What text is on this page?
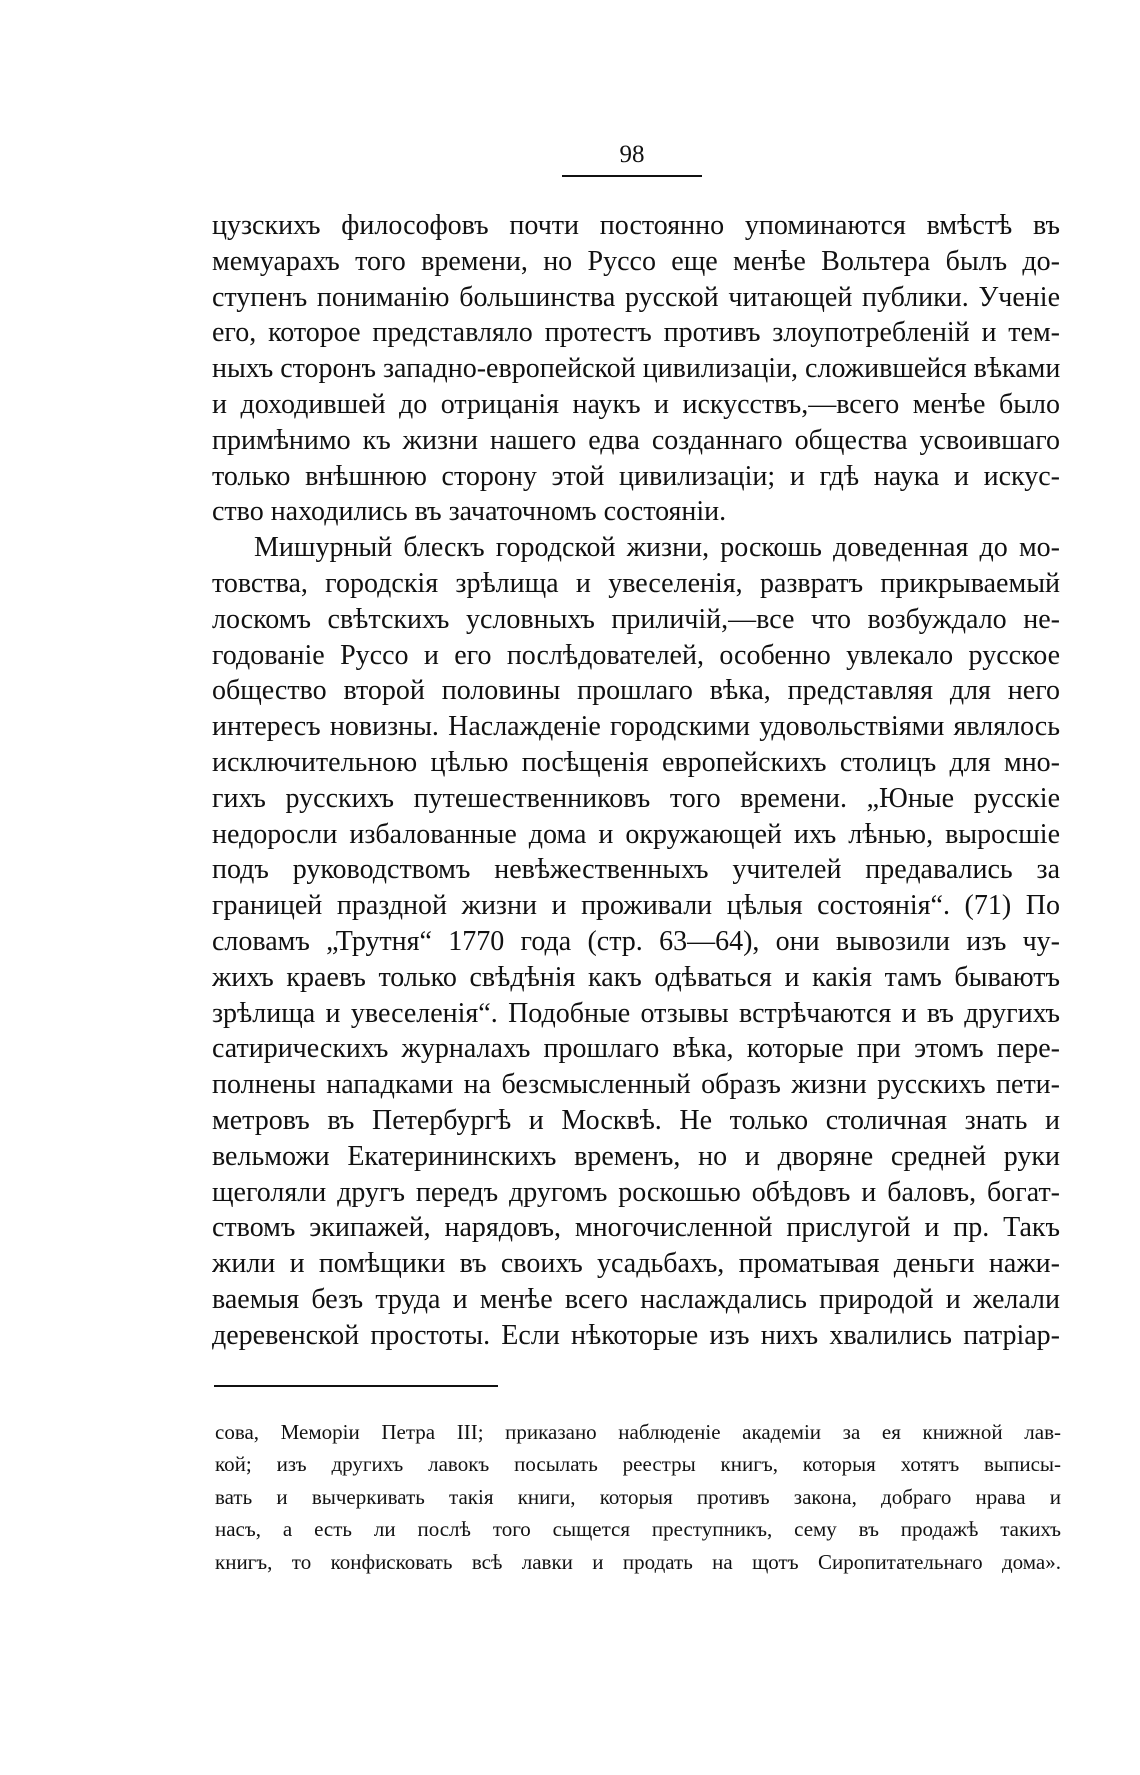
98
цузскихъ философовъ почти постоянно упоминаются вмѣстѣ въ
мемуарахъ того времени, но Руссо еще менѣе Вольтера былъ до-
ступенъ пониманію большинства русской читающей публики. Ученіе
его, которое представляло протестъ противъ злоупотребленій и тем-
ныхъ сторонъ западно-европейской цивилизаціи, сложившейся вѣками
и доходившей до отрицанія наукъ и искусствъ,—всего менѣе было
примѣнимо къ жизни нашего едва созданнаго общества усвоившаго
только внѣшнюю сторону этой цивилизаціи; и гдѣ наука и искус-
ство находились въ зачаточномъ состояніи.
Мишурный блескъ городской жизни, роскошь доведенная до мо-
товства, городскія зрѣлища и увеселенія, развратъ прикрываемый
лоскомъ свѣтскихъ условныхъ приличій,—все что возбуждало не-
годованіе Руссо и его послѣдователей, особенно увлекало русское
общество второй половины прошлаго вѣка, представляя для него
интересъ новизны. Наслажденіе городскими удовольствіями являлось
исключительною цѣлью посѣщенія европейскихъ столицъ для мно-
гихъ русскихъ путешественниковъ того времени. „Юные русскіе
недоросли избалованные дома и окружающей ихъ лѣнью, выросшіе
подъ руководствомъ невѣжественныхъ учителей предавались за
границей праздной жизни и проживали цѣлыя состоянія“. (71) По
словамъ „Трутня“ 1770 года (стр. 63—64), они вывозили изъ чу-
жихъ краевъ только свѣдѣнія какъ одѣваться и какія тамъ бываютъ
зрѣлища и увеселенія“. Подобные отзывы встрѣчаются и въ другихъ
сатирическихъ журналахъ прошлаго вѣка, которые при этомъ пере-
полнены нападками на безсмысленный образъ жизни русскихъ пети-
метровъ въ Петербургѣ и Москвѣ. Не только столичная знать и
вельможи Екатерининскихъ временъ, но и дворяне средней руки
щеголяли другъ передъ другомъ роскошью обѣдовъ и баловъ, богат-
ствомъ экипажей, нарядовъ, многочисленной прислугой и пр. Такъ
жили и помѣщики въ своихъ усадьбахъ, проматывая деньги нажи-
ваемыя безъ труда и менѣе всего наслаждались природой и желали
деревенской простоты. Если нѣкоторые изъ нихъ хвалились патріар-
сова, Меморіи Петра III; приказано наблюденіе академіи за ея книжной лав-
кой; изъ другихъ лавокъ посылать реестры книгъ, которыя хотятъ выписы-
вать и вычеркивать такія книги, которыя противъ закона, добраго нрава и
насъ, а есть ли послѣ того сыщется преступникъ, сему въ продажѣ такихъ
книгъ, то конфисковать всѣ лавки и продать на щотъ Сиропитательнаго дома».
